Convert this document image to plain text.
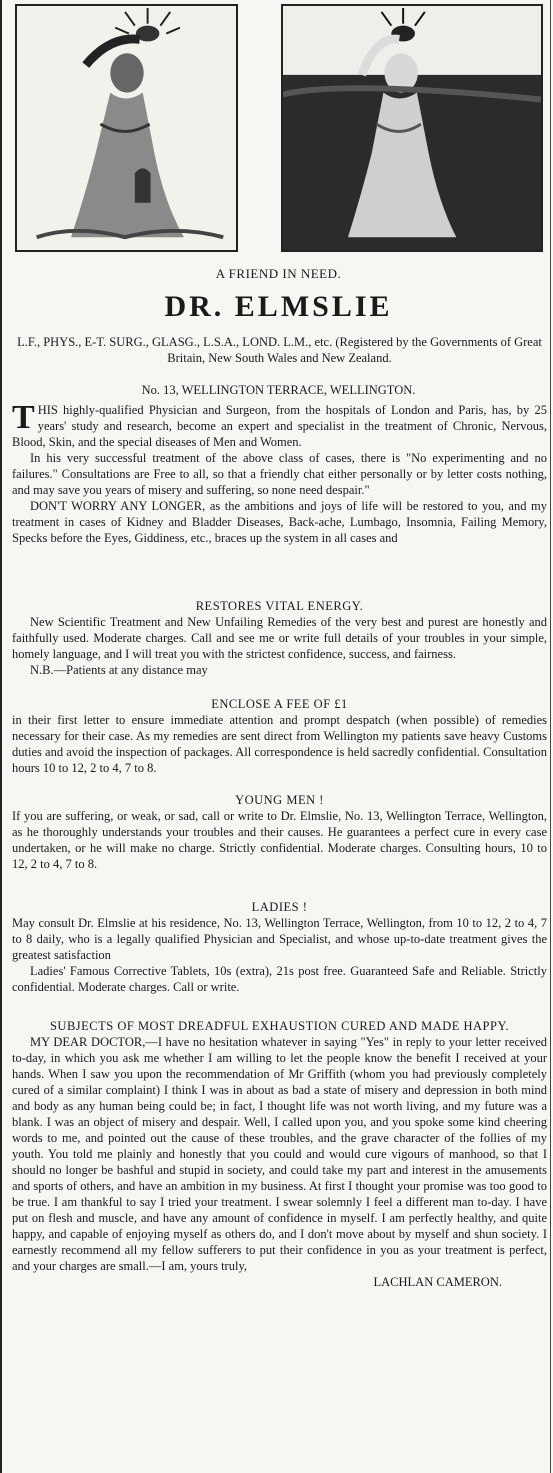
A FRIEND IN NEED.
DR. ELMSLIE
L.F., PHYS., E-T. SURG., GLASG., L.S.A., LOND. L.M., etc. (Registered by the Governments of Great Britain, New South Wales and New Zealand.
No. 13, WELLINGTON TERRACE, WELLINGTON.

THIS highly-qualified Physician and Surgeon, from the hospitals of London and Paris, has, by 25 years' study and research, become an expert and specialist in the treatment of Chronic, Nervous, Blood, Skin, and the special diseases of Men and Women.

In his very successful treatment of the above class of cases, there is "No experimenting and no failures." Consultations are Free to all, so that a friendly chat either personally or by letter costs nothing, and may save you years of misery and suffering, so none need despair."

DON'T WORRY ANY LONGER, as the ambitions and joys of life will be restored to you, and my treatment in cases of Kidney and Bladder Diseases, Back-ache, Lumbago, Insomnia, Failing Memory, Specks before the Eyes, Giddiness, etc., braces up the system in all cases and

RESTORES VITAL ENERGY.

New Scientific Treatment and New Unfailing Remedies of the very best and purest are honestly and faithfully used. Moderate charges. Call and see me or write full details of your troubles in your simple, homely language, and I will treat you with the strictest confidence, success, and fairness.

N.B.—Patients at any distance may

ENCLOSE A FEE OF £1

in their first letter to ensure immediate attention and prompt despatch (when possible) of remedies necessary for their case. As my remedies are sent direct from Wellington my patients save heavy Customs duties and avoid the inspection of packages. All correspondence is held sacredly confidential. Consultation hours 10 to 12, 2 to 4, 7 to 8.

YOUNG MEN !

If you are suffering, or weak, or sad, call or write to Dr. Elmslie, No. 13, Wellington Terrace, Wellington, as he thoroughly understands your troubles and their causes. He guarantees a perfect cure in every case undertaken, or he will make no charge. Strictly confidential. Moderate charges. Consulting hours, 10 to 12, 2 to 4, 7 to 8.

LADIES !

May consult Dr. Elmslie at his residence, No. 13, Wellington Terrace, Wellington, from 10 to 12, 2 to 4, 7 to 8 daily, who is a legally qualified Physician and Specialist, and whose up-to-date treatment gives the greatest satisfaction

Ladies' Famous Corrective Tablets, 10s (extra), 21s post free. Guaranteed Safe and Reliable. Strictly confidential. Moderate charges. Call or write.

SUBJECTS OF MOST DREADFUL EXHAUSTION CURED AND MADE HAPPY.

MY DEAR DOCTOR,—I have no hesitation whatever in saying "Yes" in reply to your letter received to-day, in which you ask me whether I am willing to let the people know the benefit I received at your hands. When I saw you upon the recommendation of Mr Griffith (whom you had previously completely cured of a similar complaint) I think I was in about as bad a state of misery and depression in both mind and body as any human being could be; in fact, I thought life was not worth living, and my future was a blank. I was an object of misery and despair. Well, I called upon you, and you spoke some kind cheering words to me, and pointed out the cause of these troubles, and the grave character of the follies of my youth. You told me plainly and honestly that you could and would cure vigours of manhood, so that I should no longer be bashful and stupid in society, and could take my part and interest in the amusements and sports of others, and have an ambition in my business. At first I thought your promise was too good to be true. I am thankful to say I tried your treatment. I swear solemnly I feel a different man to-day. I have put on flesh and muscle, and have any amount of confidence in myself. I am perfectly healthy, and quite happy, and capable of enjoying myself as others do, and I don't move about by myself and shun society. I earnestly recommend all my fellow sufferers to put their confidence in you as your treatment is perfect, and your charges are small.—I am, yours truly,

LACHLAN CAMERON.
